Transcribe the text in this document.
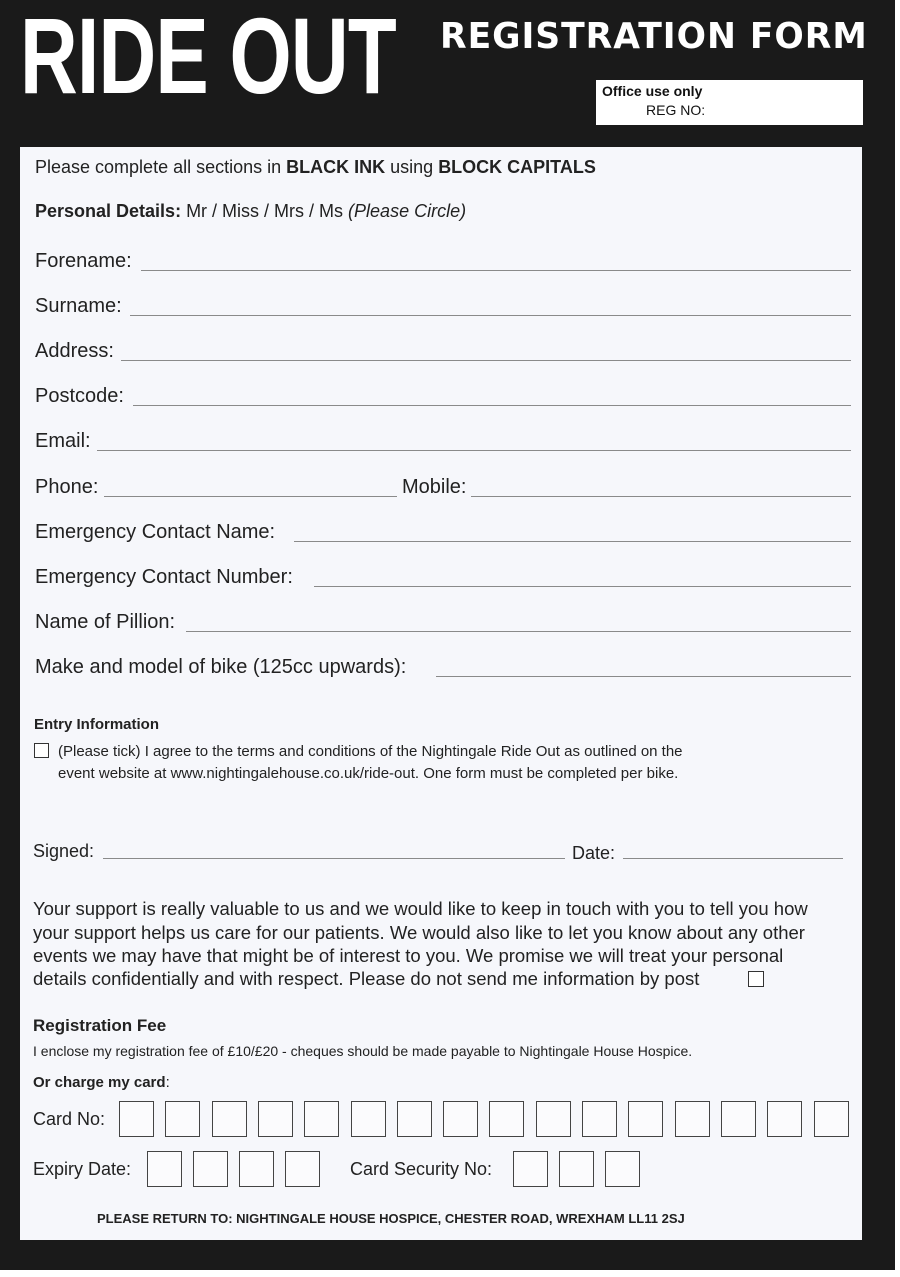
RIDE OUT REGISTRATION FORM
Office use only
REG NO:
Please complete all sections in BLACK INK using BLOCK CAPITALS
Personal Details: Mr / Miss / Mrs / Ms (Please Circle)
Forename:
Surname:
Address:
Postcode:
Email:
Phone:	Mobile:
Emergency Contact Name:
Emergency Contact Number:
Name of Pillion:
Make and model of bike (125cc upwards):
Entry Information
(Please tick) I agree to the terms and conditions of the Nightingale Ride Out as outlined on the
event website at www.nightingalehouse.co.uk/ride-out. One form must be completed per bike.
Signed:	Date:
Your support is really valuable to us and we would like to keep in touch with you to tell you how
your support helps us care for our patients. We would also like to let you know about any other
events we may have that might be of interest to you. We promise we will treat your personal
details confidentially and with respect. Please do not send me information by post
Registration Fee
I enclose my registration fee of £10/£20 - cheques should be made payable to Nightingale House Hospice.
Or charge my card:
Card No:
Expiry Date:	Card Security No:
PLEASE RETURN TO: NIGHTINGALE HOUSE HOSPICE, CHESTER ROAD, WREXHAM LL11 2SJ
